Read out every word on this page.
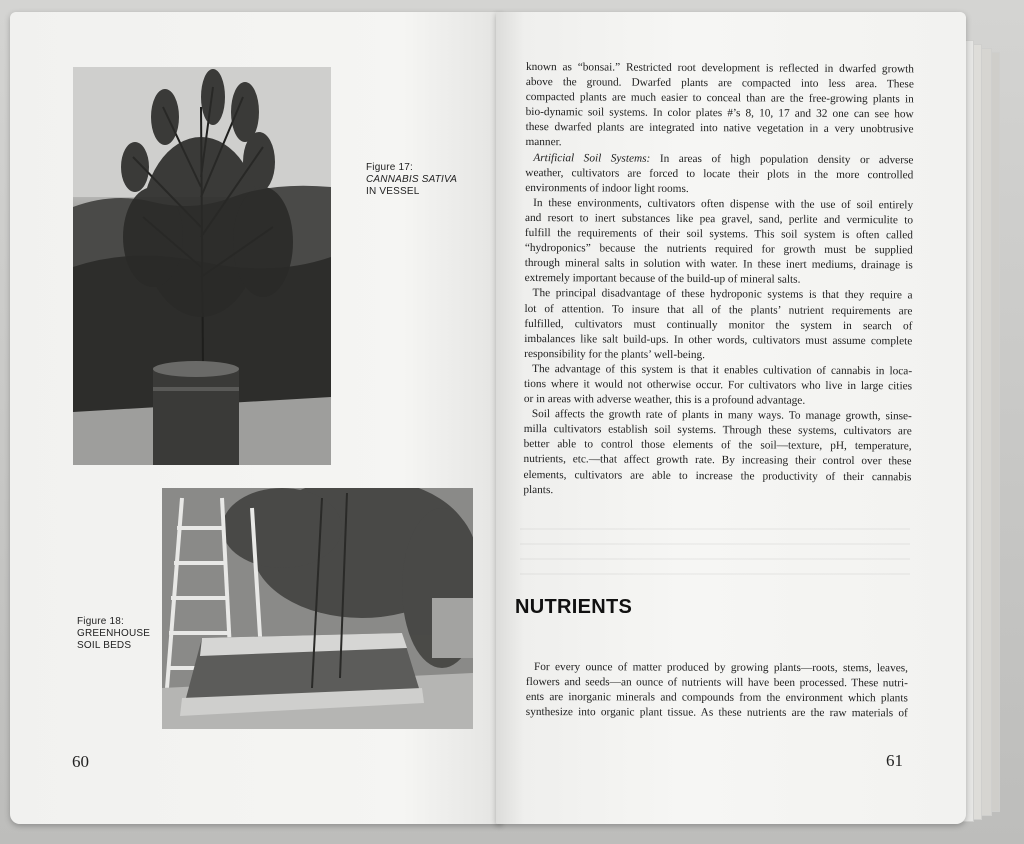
Figure 17:
CANNABIS SATIVA
IN VESSEL
Figure 18:
GREENHOUSE
SOIL BEDS
60
known as “bonsai.” Restricted root development is reflected in dwarfed growth
above the ground. Dwarfed plants are compacted into less area. These
compacted plants are much easier to conceal than are the free-growing plants in
bio-dynamic soil systems. In color plates #’s 8, 10, 17 and 32 one can see how
these dwarfed plants are integrated into native vegetation in a very unobtrusive
manner.
Artificial Soil Systems: In areas of high population density or adverse
weather, cultivators are forced to locate their plots in the more controlled
environments of indoor light rooms.
In these environments, cultivators often dispense with the use of soil entirely
and resort to inert substances like pea gravel, sand, perlite and vermiculite to
fulfill the requirements of their soil systems. This soil system is often called
“hydroponics” because the nutrients required for growth must be supplied
through mineral salts in solution with water. In these inert mediums, drainage is
extremely important because of the build-up of mineral salts.
The principal disadvantage of these hydroponic systems is that they require a
lot of attention. To insure that all of the plants’ nutrient requirements are
fulfilled, cultivators must continually monitor the system in search of
imbalances like salt build-ups. In other words, cultivators must assume complete
responsibility for the plants’ well-being.
The advantage of this system is that it enables cultivation of cannabis in loca-
tions where it would not otherwise occur. For cultivators who live in large cities
or in areas with adverse weather, this is a profound advantage.
Soil affects the growth rate of plants in many ways. To manage growth, sinse-
milla cultivators establish soil systems. Through these systems, cultivators are
better able to control those elements of the soil—texture, pH, temperature,
nutrients, etc.—that affect growth rate. By increasing their control over these
elements, cultivators are able to increase the productivity of their cannabis
plants.
NUTRIENTS
For every ounce of matter produced by growing plants—roots, stems, leaves,
flowers and seeds—an ounce of nutrients will have been processed. These nutri-
ents are inorganic minerals and compounds from the environment which plants
synthesize into organic plant tissue. As these nutrients are the raw materials of
61
